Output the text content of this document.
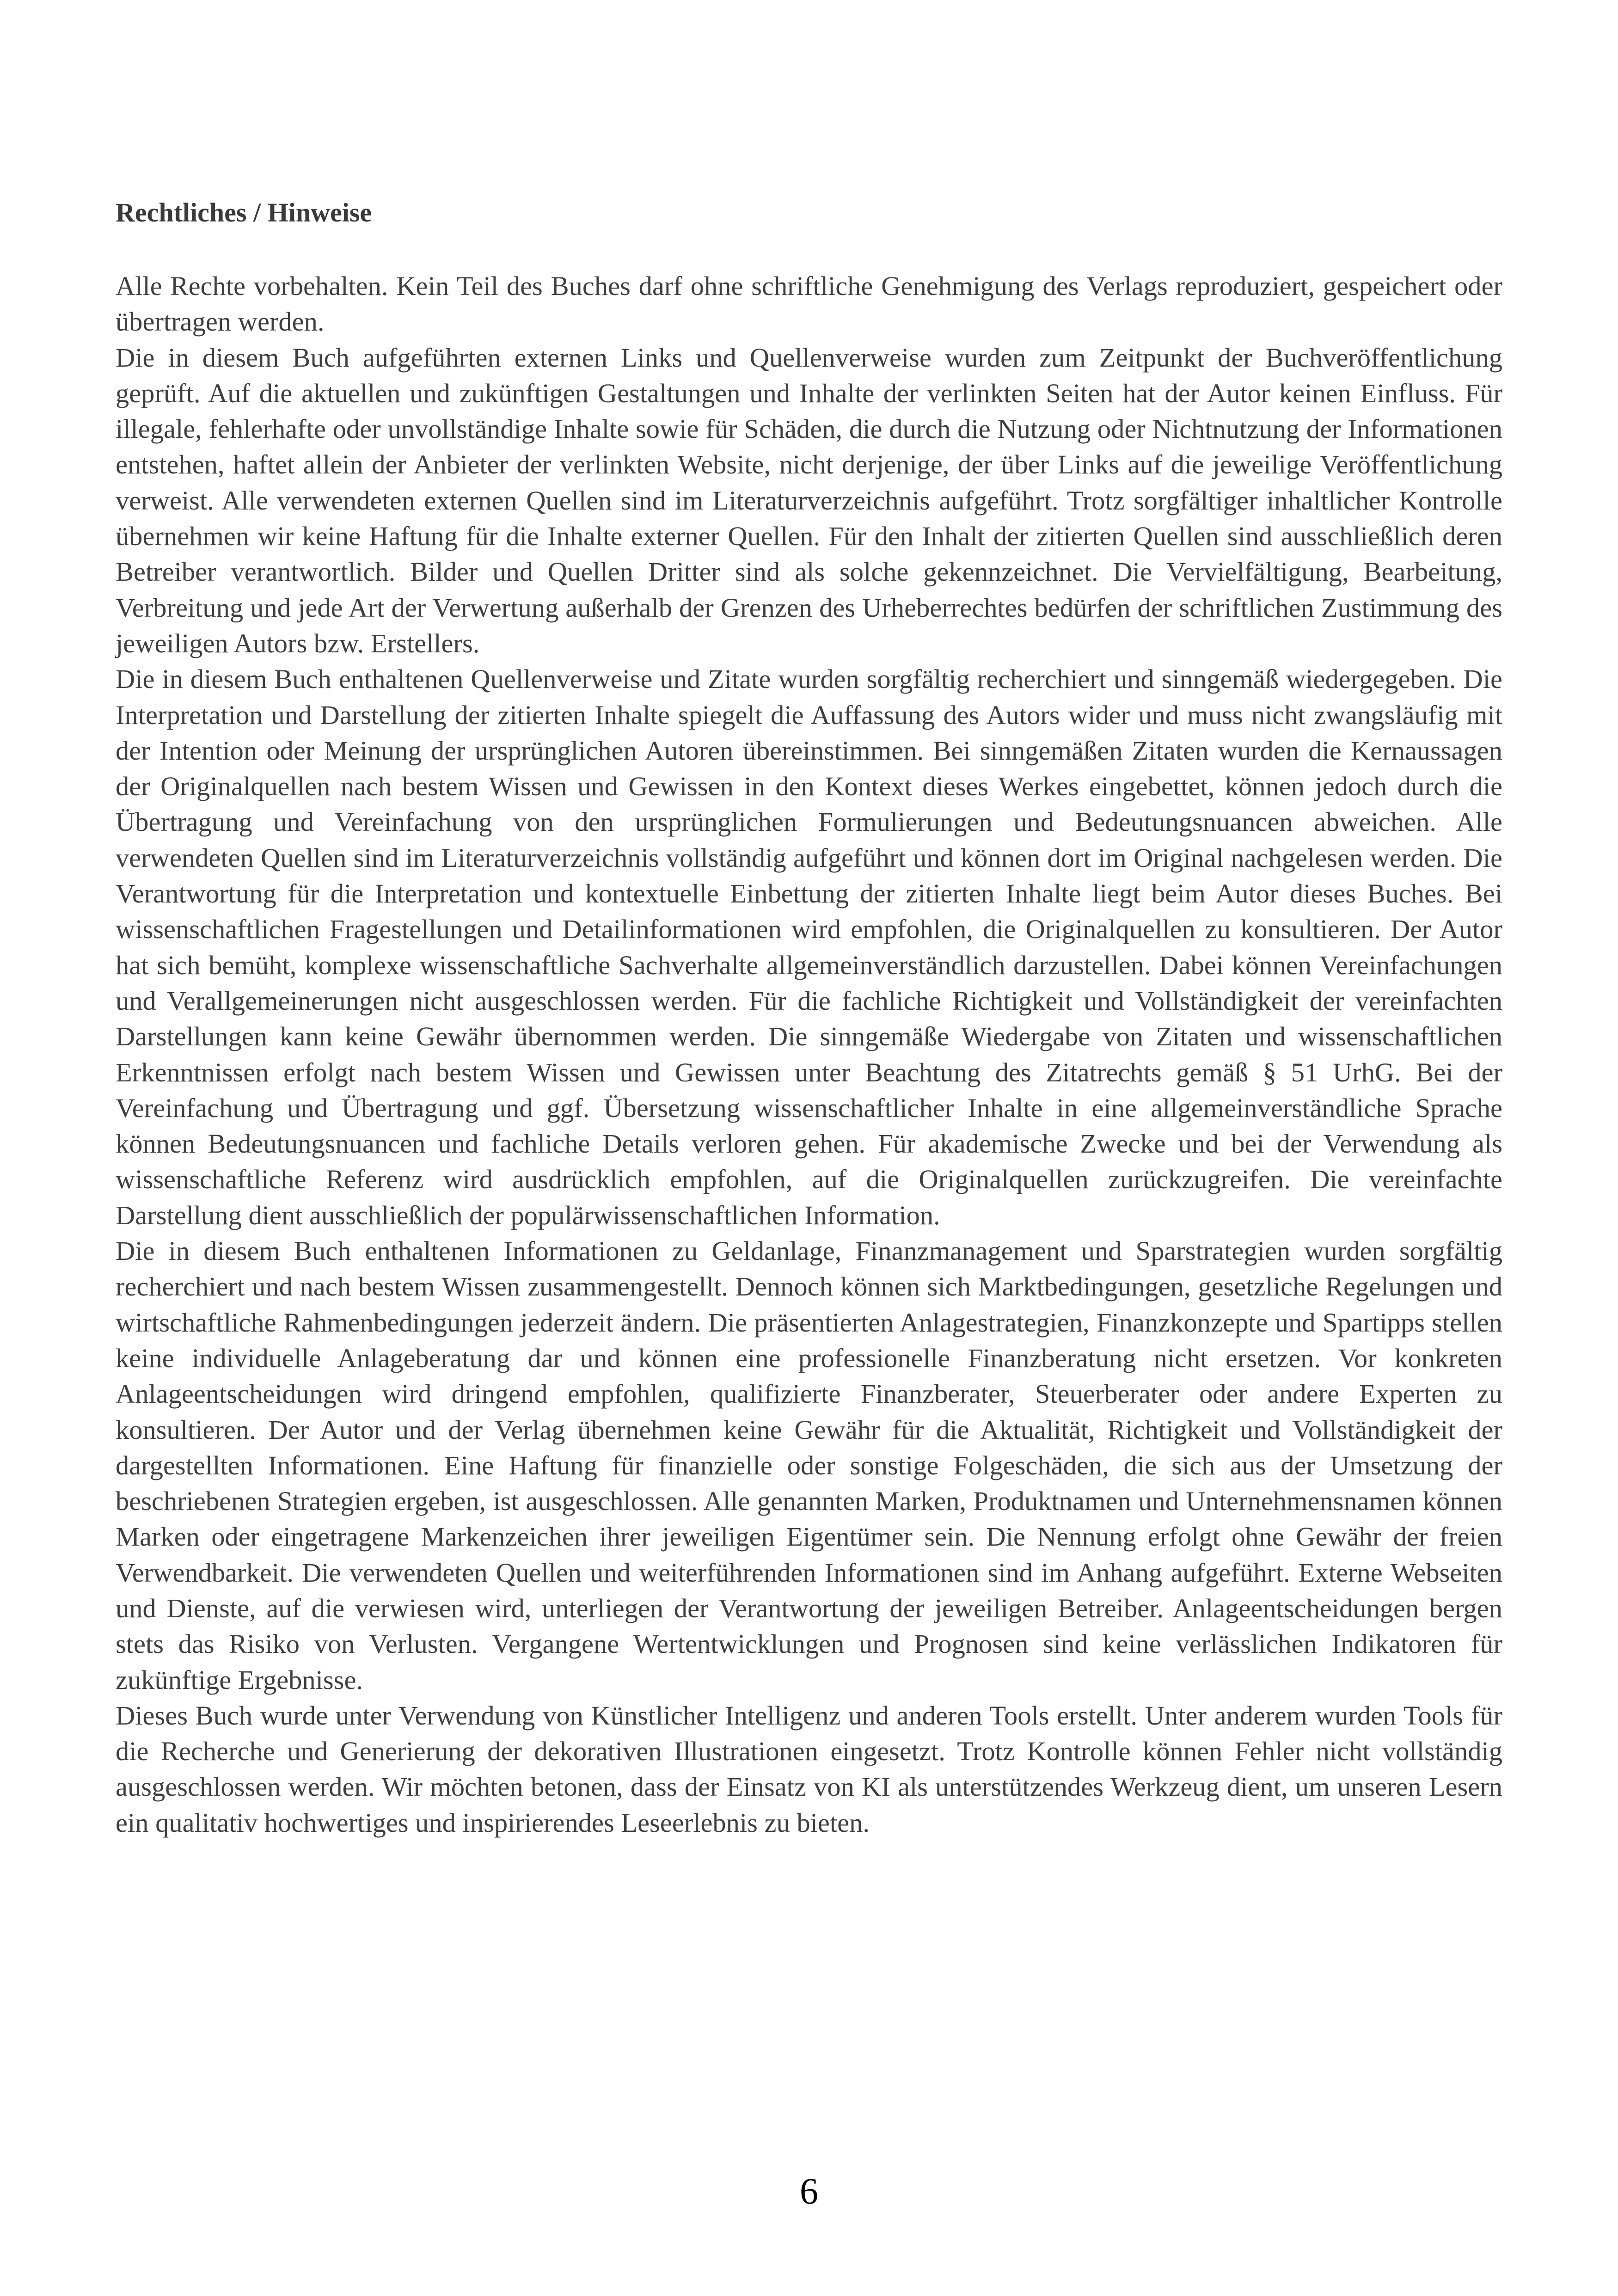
Rechtliches / Hinweise

Alle Rechte vorbehalten. Kein Teil des Buches darf ohne schriftliche Genehmigung des Verlags reproduziert, gespeichert oder übertragen werden.

Die in diesem Buch aufgeführten externen Links und Quellenverweise wurden zum Zeitpunkt der Buchveröffentlichung geprüft. Auf die aktuellen und zukünftigen Gestaltungen und Inhalte der verlinkten Seiten hat der Autor keinen Einfluss. Für illegale, fehlerhafte oder unvollständige Inhalte sowie für Schäden, die durch die Nutzung oder Nichtnutzung der Informationen entstehen, haftet allein der Anbieter der verlinkten Website, nicht derjenige, der über Links auf die jeweilige Veröffentlichung verweist. Alle verwendeten externen Quellen sind im Literaturverzeichnis aufgeführt. Trotz sorgfältiger inhaltlicher Kontrolle übernehmen wir keine Haftung für die Inhalte externer Quellen. Für den Inhalt der zitierten Quellen sind ausschließlich deren Betreiber verantwortlich. Bilder und Quellen Dritter sind als solche gekennzeichnet. Die Vervielfältigung, Bearbeitung, Verbreitung und jede Art der Verwertung außerhalb der Grenzen des Urheberrechtes bedürfen der schriftlichen Zustimmung des jeweiligen Autors bzw. Erstellers.

Die in diesem Buch enthaltenen Quellenverweise und Zitate wurden sorgfältig recherchiert und sinngemäß wiedergegeben. Die Interpretation und Darstellung der zitierten Inhalte spiegelt die Auffassung des Autors wider und muss nicht zwangsläufig mit der Intention oder Meinung der ursprünglichen Autoren übereinstimmen. Bei sinngemäßen Zitaten wurden die Kernaussagen der Originalquellen nach bestem Wissen und Gewissen in den Kontext dieses Werkes eingebettet, können jedoch durch die Übertragung und Vereinfachung von den ursprünglichen Formulierungen und Bedeutungsnuancen abweichen. Alle verwendeten Quellen sind im Literaturverzeichnis vollständig aufgeführt und können dort im Original nachgelesen werden. Die Verantwortung für die Interpretation und kontextuelle Einbettung der zitierten Inhalte liegt beim Autor dieses Buches. Bei wissenschaftlichen Fragestellungen und Detailinformationen wird empfohlen, die Originalquellen zu konsultieren. Der Autor hat sich bemüht, komplexe wissenschaftliche Sachverhalte allgemeinverständlich darzustellen. Dabei können Vereinfachungen und Verallgemeinerungen nicht ausgeschlossen werden. Für die fachliche Richtigkeit und Vollständigkeit der vereinfachten Darstellungen kann keine Gewähr übernommen werden. Die sinngemäße Wiedergabe von Zitaten und wissenschaftlichen Erkenntnissen erfolgt nach bestem Wissen und Gewissen unter Beachtung des Zitatrechts gemäß § 51 UrhG. Bei der Vereinfachung und Übertragung und ggf. Übersetzung wissenschaftlicher Inhalte in eine allgemeinverständliche Sprache können Bedeutungsnuancen und fachliche Details verloren gehen. Für akademische Zwecke und bei der Verwendung als wissenschaftliche Referenz wird ausdrücklich empfohlen, auf die Originalquellen zurückzugreifen. Die vereinfachte Darstellung dient ausschließlich der populärwissenschaftlichen Information.

Die in diesem Buch enthaltenen Informationen zu Geldanlage, Finanzmanagement und Sparstrategien wurden sorgfältig recherchiert und nach bestem Wissen zusammengestellt. Dennoch können sich Marktbedingungen, gesetzliche Regelungen und wirtschaftliche Rahmenbedingungen jederzeit ändern. Die präsentierten Anlagestrategien, Finanzkonzepte und Spartipps stellen keine individuelle Anlageberatung dar und können eine professionelle Finanzberatung nicht ersetzen. Vor konkreten Anlageentscheidungen wird dringend empfohlen, qualifizierte Finanzberater, Steuerberater oder andere Experten zu konsultieren. Der Autor und der Verlag übernehmen keine Gewähr für die Aktualität, Richtigkeit und Vollständigkeit der dargestellten Informationen. Eine Haftung für finanzielle oder sonstige Folgeschäden, die sich aus der Umsetzung der beschriebenen Strategien ergeben, ist ausgeschlossen. Alle genannten Marken, Produktnamen und Unternehmensnamen können Marken oder eingetragene Markenzeichen ihrer jeweiligen Eigentümer sein. Die Nennung erfolgt ohne Gewähr der freien Verwendbarkeit. Die verwendeten Quellen und weiterführenden Informationen sind im Anhang aufgeführt. Externe Webseiten und Dienste, auf die verwiesen wird, unterliegen der Verantwortung der jeweiligen Betreiber. Anlageentscheidungen bergen stets das Risiko von Verlusten. Vergangene Wertentwicklungen und Prognosen sind keine verlässlichen Indikatoren für zukünftige Ergebnisse.

Dieses Buch wurde unter Verwendung von Künstlicher Intelligenz und anderen Tools erstellt. Unter anderem wurden Tools für die Recherche und Generierung der dekorativen Illustrationen eingesetzt. Trotz Kontrolle können Fehler nicht vollständig ausgeschlossen werden. Wir möchten betonen, dass der Einsatz von KI als unterstützendes Werkzeug dient, um unseren Lesern ein qualitativ hochwertiges und inspirierendes Leseerlebnis zu bieten.

6
